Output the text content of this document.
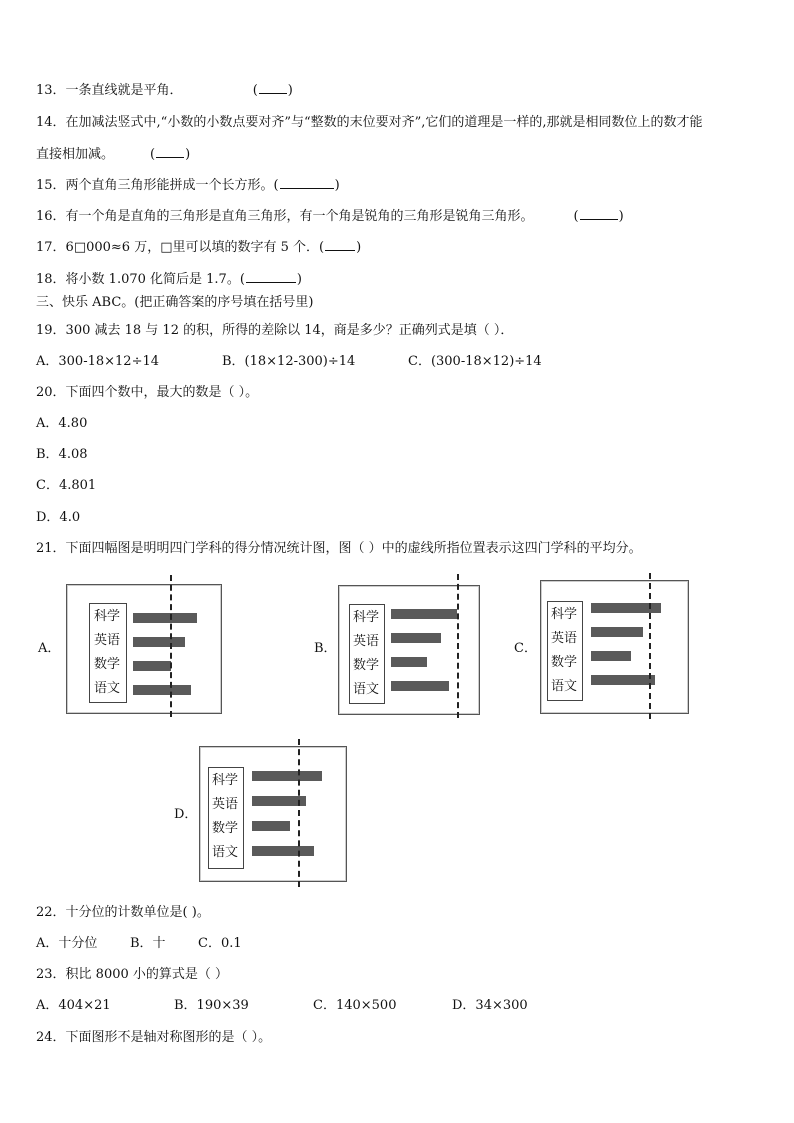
13．一条直线就是平角．	( )
14．在加减法竖式中,“小数的小数点要对齐”与“整数的末位要对齐”,它们的道理是一样的,那就是相同数位上的数才能
直接相加减。	( )
15．两个直角三角形能拼成一个长方形。(	)
16．有一个角是直角的三角形是直角三角形，有一个角是锐角的三角形是锐角三角形。	(	)
17．6□000≈6 万，□里可以填的数字有 5 个．( )
18．将小数 1.070 化简后是 1.7。(	)
三、快乐 ABC。(把正确答案的序号填在括号里)
19．300 减去 18 与 12 的积，所得的差除以 14，商是多少？正确列式是填（ ）．
A．300-18×12÷14	B．(18×12-300)÷14	C．(300-18×12)÷14
20．下面四个数中，最大的数是（ ）。
A．4.80
B．4.08
C．4.801
D．4.0
21．下面四幅图是明明四门学科的得分情况统计图，图（ ）中的虚线所指位置表示这四门学科的平均分。
A．
科学
英语
数学
语文
B．
科学
英语
数学
语文
C．
科学
英语
数学
语文
D．
科学
英语
数学
语文
22．十分位的计数单位是( )。
A．十分位	B．十 C．0.1
23．积比 8000 小的算式是（ ）
A．404×21	B．190×39	C．140×500	D．34×300
24．下面图形不是轴对称图形的是（ ）。
